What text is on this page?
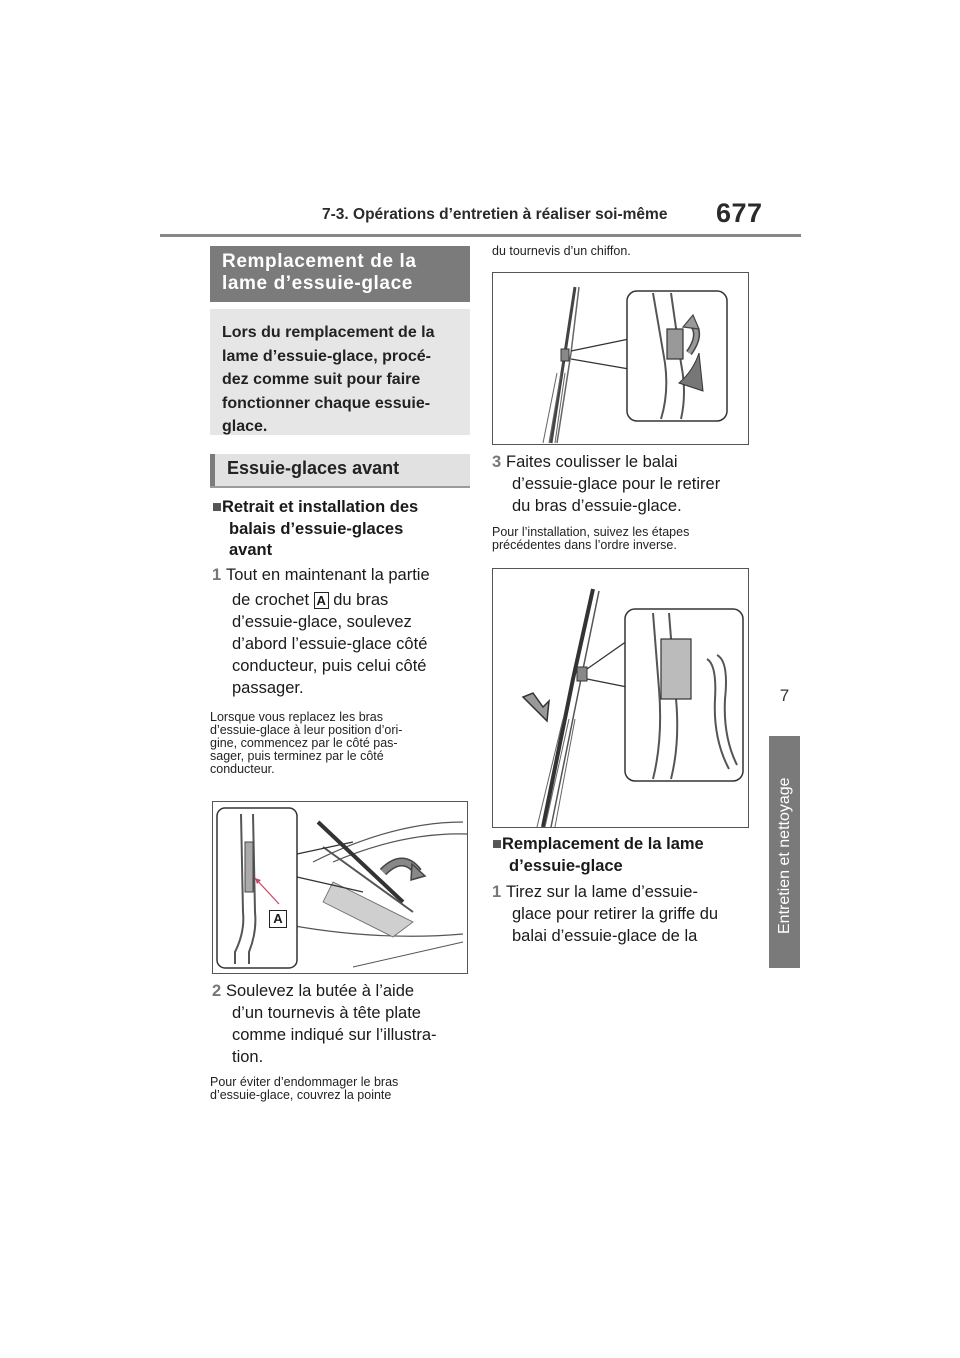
7-3. Opérations d’entretien à réaliser soi-même 677
7
Entretien et nettoyage
Remplacement de la
lame d’essuie-glace
Lors du remplacement de la
lame d’essuie-glace, procé-
dez comme suit pour faire
fonctionner chaque essuie-
glace.
Essuie-glaces avant
■Retrait et installation des
balais d’essuie-glaces
avant
1 Tout en maintenant la partie
de crochet A du bras
d’essuie-glace, soulevez
d’abord l’essuie-glace côté
conducteur, puis celui côté
passager.
Lorsque vous replacez les bras
d’essuie-glace à leur position d’ori-
gine, commencez par le côté pas-
sager, puis terminez par le côté
conducteur.
A
2 Soulevez la butée à l’aide
d’un tournevis à tête plate
comme indiqué sur l’illustra-
tion.
Pour éviter d’endommager le bras
d’essuie-glace, couvrez la pointe
du tournevis d’un chiffon.
3 Faites coulisser le balai
d’essuie-glace pour le retirer
du bras d’essuie-glace.
Pour l’installation, suivez les étapes
précédentes dans l’ordre inverse.
■Remplacement de la lame
d’essuie-glace
1 Tirez sur la lame d’essuie-
glace pour retirer la griffe du
balai d’essuie-glace de la
